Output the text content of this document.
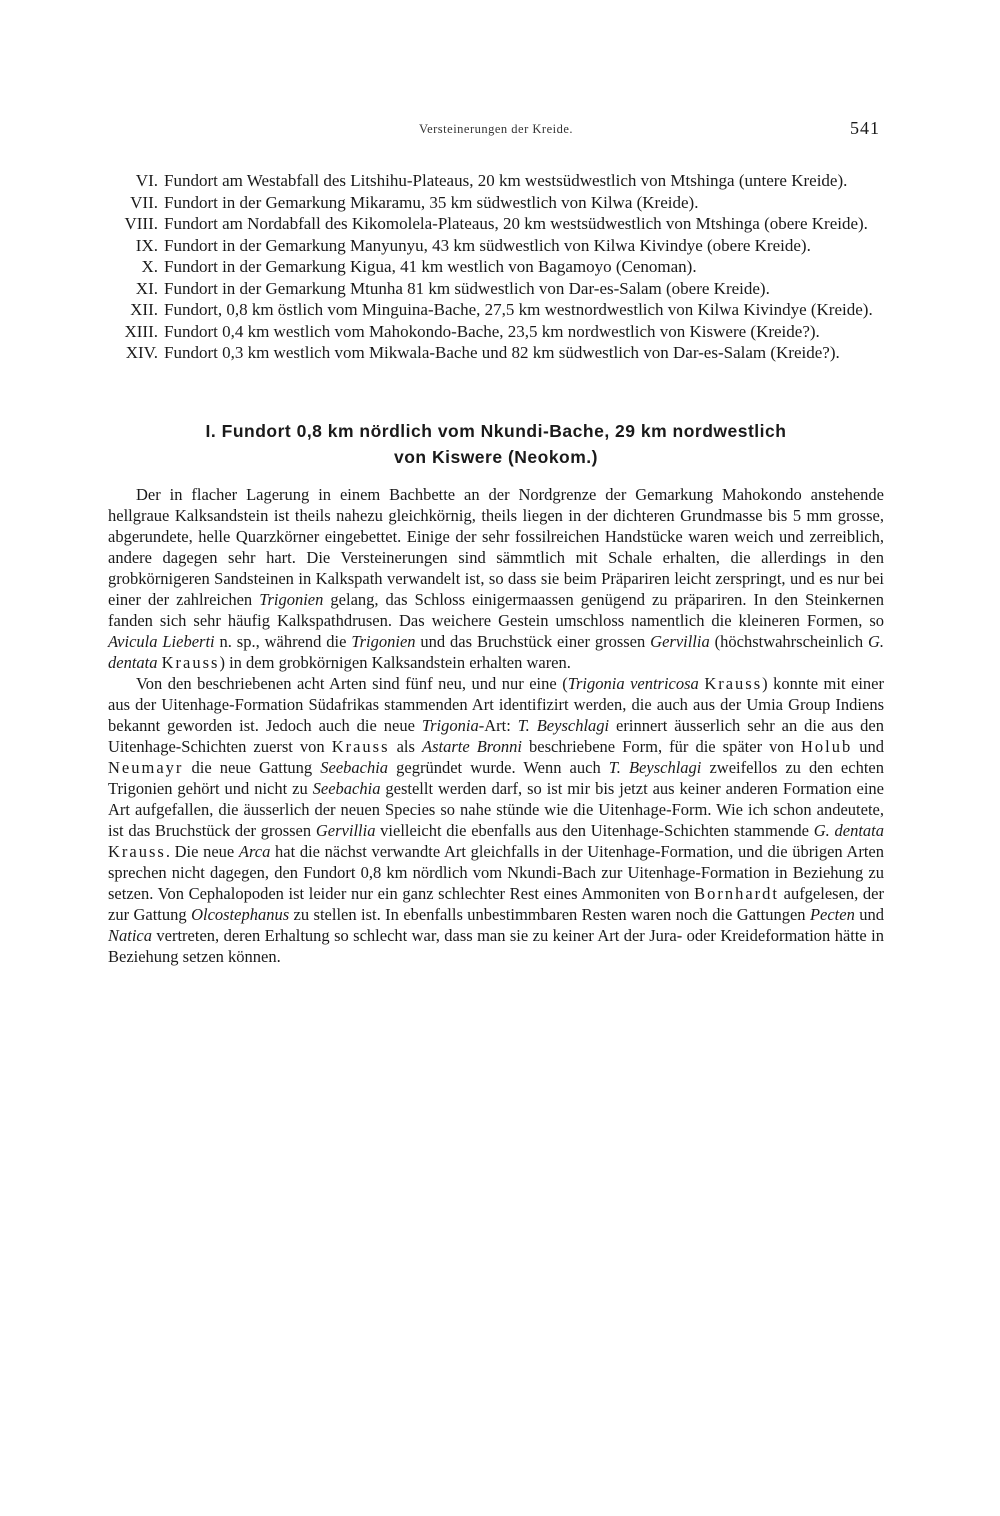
Versteinerungen der Kreide.	541
VI. Fundort am Westabfall des Litshihu-Plateaus, 20 km westsüdwestlich von Mtshinga (untere Kreide).
VII. Fundort in der Gemarkung Mikaramu, 35 km südwestlich von Kilwa (Kreide).
VIII. Fundort am Nordabfall des Kikomolela-Plateaus, 20 km westsüdwestlich von Mtshinga (obere Kreide).
IX. Fundort in der Gemarkung Manyunyu, 43 km südwestlich von Kilwa Kivindye (obere Kreide).
X. Fundort in der Gemarkung Kigua, 41 km westlich von Bagamoyo (Cenoman).
XI. Fundort in der Gemarkung Mtunha 81 km südwestlich von Dar-es-Salam (obere Kreide).
XII. Fundort, 0,8 km östlich vom Minguina-Bache, 27,5 km westnordwestlich von Kilwa Kivindye (Kreide).
XIII. Fundort 0,4 km westlich vom Mahokondo-Bache, 23,5 km nordwestlich von Kiswere (Kreide?).
XIV. Fundort 0,3 km westlich vom Mikwala-Bache und 82 km südwestlich von Dar-es-Salam (Kreide?).
I. Fundort 0,8 km nördlich vom Nkundi-Bache, 29 km nordwestlich
von Kiswere (Neokom.)

Der in flacher Lagerung in einem Bachbette an der Nordgrenze der Gemarkung Mahokondo anstehende hellgraue Kalksandstein ist theils nahezu gleichkörnig, theils liegen in der dichteren Grundmasse bis 5 mm grosse, abgerundete, helle Quarzkörner eingebettet. Einige der sehr fossilreichen Handstücke waren weich und zerreiblich, andere dagegen sehr hart. Die Versteinerungen sind sämmtlich mit Schale erhalten, die allerdings in den grobkörnigeren Sandsteinen in Kalkspath verwandelt ist, so dass sie beim Präpariren leicht zerspringt, und es nur bei einer der zahlreichen Trigonien gelang, das Schloss einigermaassen genügend zu präpariren. In den Steinkernen fanden sich sehr häufig Kalkspathdrusen. Das weichere Gestein umschloss namentlich die kleineren Formen, so Avicula Lieberti n. sp., während die Trigonien und das Bruchstück einer grossen Gervillia (höchstwahrscheinlich G. dentata Krauss) in dem grobkörnigen Kalksandstein erhalten waren.

Von den beschriebenen acht Arten sind fünf neu, und nur eine (Trigonia ventricosa Krauss) konnte mit einer aus der Uitenhage-Formation Südafrikas stammenden Art identifizirt werden, die auch aus der Umia Group Indiens bekannt geworden ist. Jedoch auch die neue Trigonia-Art: T. Beyschlagi erinnert äusserlich sehr an die aus den Uitenhage-Schichten zuerst von Krauss als Astarte Bronni beschriebene Form, für die später von Holub und Neumayr die neue Gattung Seebachia gegründet wurde. Wenn auch T. Beyschlagi zweifellos zu den echten Trigonien gehört und nicht zu Seebachia gestellt werden darf, so ist mir bis jetzt aus keiner anderen Formation eine Art aufgefallen, die äusserlich der neuen Species so nahe stünde wie die Uitenhage-Form. Wie ich schon andeutete, ist das Bruchstück der grossen Gervillia vielleicht die ebenfalls aus den Uitenhage-Schichten stammende G. dentata Krauss. Die neue Arca hat die nächst verwandte Art gleichfalls in der Uitenhage-Formation, und die übrigen Arten sprechen nicht dagegen, den Fundort 0,8 km nördlich vom Nkundi-Bach zur Uitenhage-Formation in Beziehung zu setzen. Von Cephalopoden ist leider nur ein ganz schlechter Rest eines Ammoniten von Bornhardt aufgelesen, der zur Gattung Olcostephanus zu stellen ist. In ebenfalls unbestimmbaren Resten waren noch die Gattungen Pecten und Natica vertreten, deren Erhaltung so schlecht war, dass man sie zu keiner Art der Jura- oder Kreideformation hätte in Beziehung setzen können.
